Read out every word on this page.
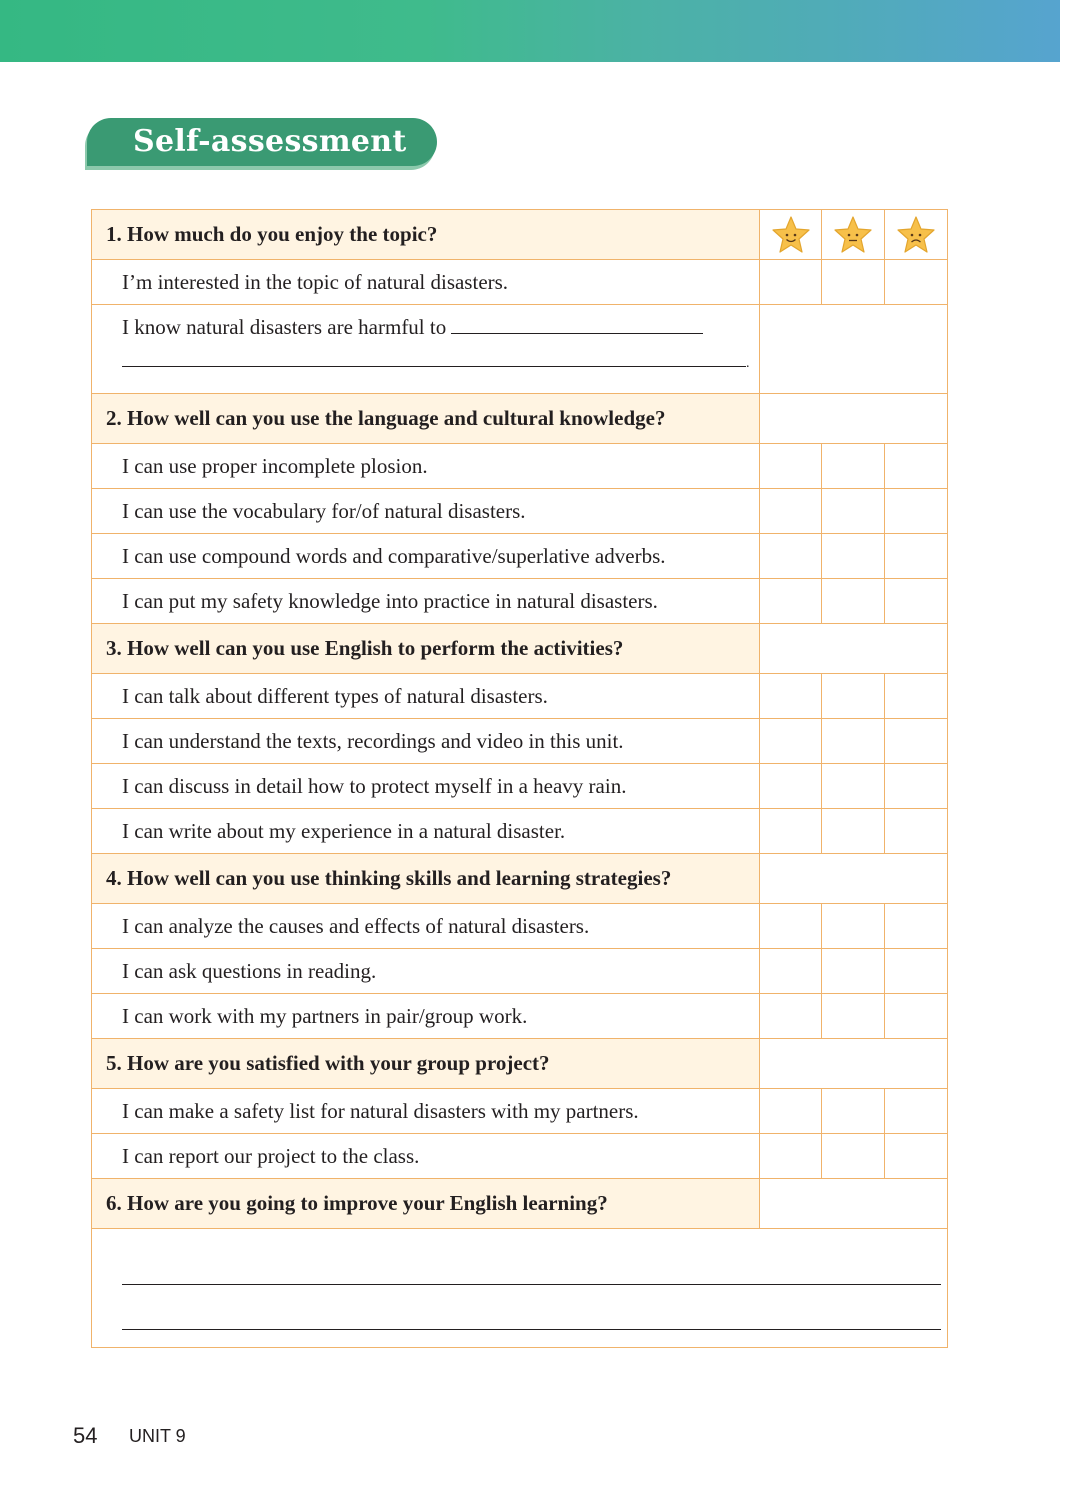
Self-assessment
1. How much do you enjoy the topic?	

I’m interested in the topic of natural disasters.			

I know natural disasters are harmful to
.			

2. How well can you use the language and cultural knowledge?			
I can use proper incomplete plosion.			
I can use the vocabulary for/of natural disasters.			
I can use compound words and comparative/superlative adverbs.			
I can put my safety knowledge into practice in natural disasters.			
3. How well can you use English to perform the activities?			
I can talk about different types of natural disasters.			
I can understand the texts, recordings and video in this unit.			
I can discuss in detail how to protect myself in a heavy rain.			
I can write about my experience in a natural disaster.			
4. How well can you use thinking skills and learning strategies?			
I can analyze the causes and effects of natural disasters.			
I can ask questions in reading.			
I can work with my partners in pair/group work.			
5. How are you satisfied with your group project?			
I can make a safety list for natural disasters with my partners.			
I can report our project to the class.			
6. How are you going to improve your English learning?			

54 UNIT 9
